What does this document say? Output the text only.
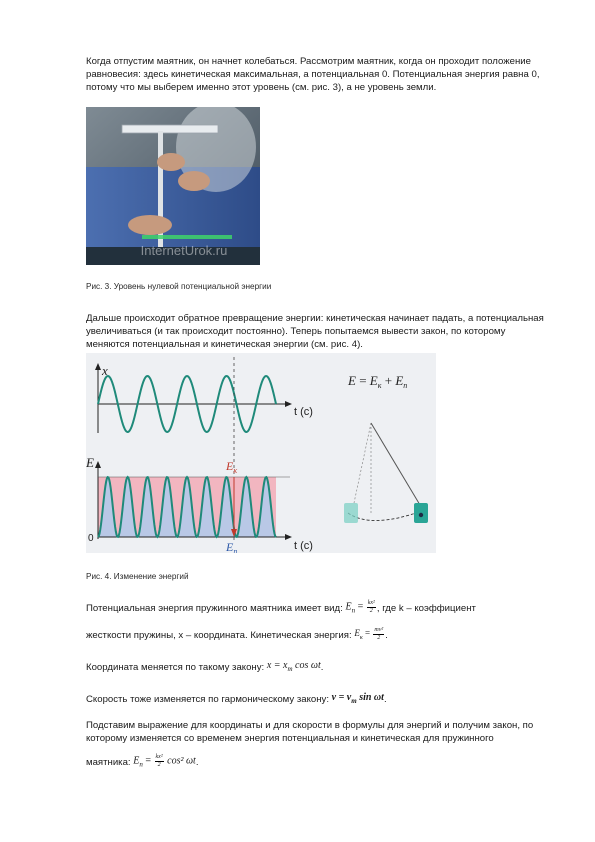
Когда отпустим маятник, он начнет колебаться. Рассмотрим маятник, когда он проходит положение равновесия: здесь кинетическая максимальная, а потенциальная 0. Потенциальная энергия равна 0, потому что мы выберем именно этот уровень (см. рис. 3), а не уровень земли.
InternetUrok.ru
Рис. 3. Уровень нулевой потенциальной энергии
Дальше происходит обратное превращение энергии: кинетическая начинает падать, а потенциальная увеличиваться (и так происходит постоянно). Теперь попытаемся вывести закон, по которому меняются потенциальная и кинетическая энергии (см. рис. 4).
x
t (с)
E
0
t (с)
$E_к$
$E_п$
$E = E_к + E_п$
Рис. 4. Изменение энергий
Потенциальная энергия пружинного маятника имеет вид: $E_п = \frac{\text{kx²}}{2}$ , где k – коэффициент
жесткости пружины, x – координата. Кинетическая энергия: $E_к = \frac{\text{mv²}}{2}$ .
Координата меняется по такому закону: $x = x_m$ cos ωt.
Скорость тоже изменяется по гармоническому закону: $v = v_m$ sin ωt.
Подставим выражение для координаты и для скорости в формулы для энергий и получим закон, по которому изменяется со временем энергия потенциальная и кинетическая для пружинного
маятника: $E_п = \frac{\text{kx²}}{2} \cos^2$ ωt.
